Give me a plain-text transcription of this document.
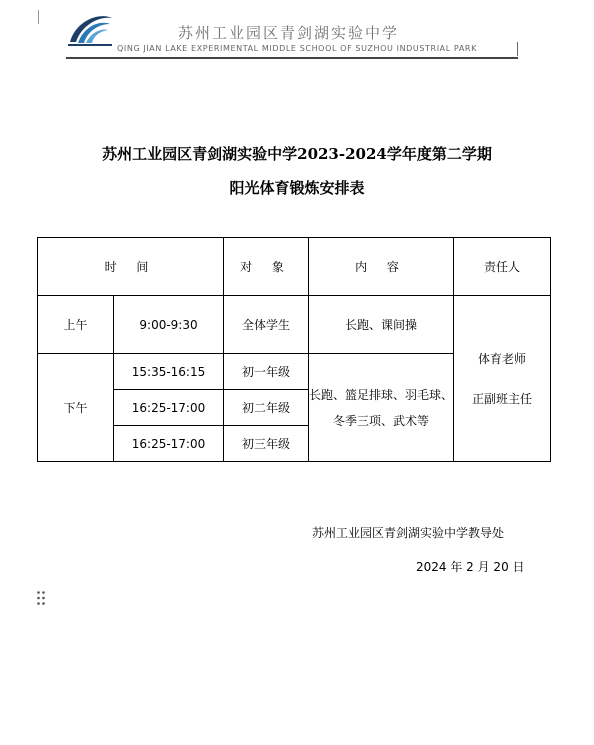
苏州工业园区青剑湖实验中学
QING JIAN LAKE EXPERIMENTAL MIDDLE SCHOOL OF SUZHOU INDUSTRIAL PARK
苏州工业园区青剑湖实验中学2023-2024学年度第二学期
阳光体育锻炼安排表
时 间		对 象	内 容	责任人
上午	9:00-9:30	全体学生	长跑、课间操	体育老师
正副班主任

下午	15:35-16:15	初一年级	长跑、篮足排球、羽毛球、冬季三项、武术等	
	16:25-17:00	初二年级		
	16:25-17:00	初三年级		
苏州工业园区青剑湖实验中学教导处
2024 年 2 月 20 日
